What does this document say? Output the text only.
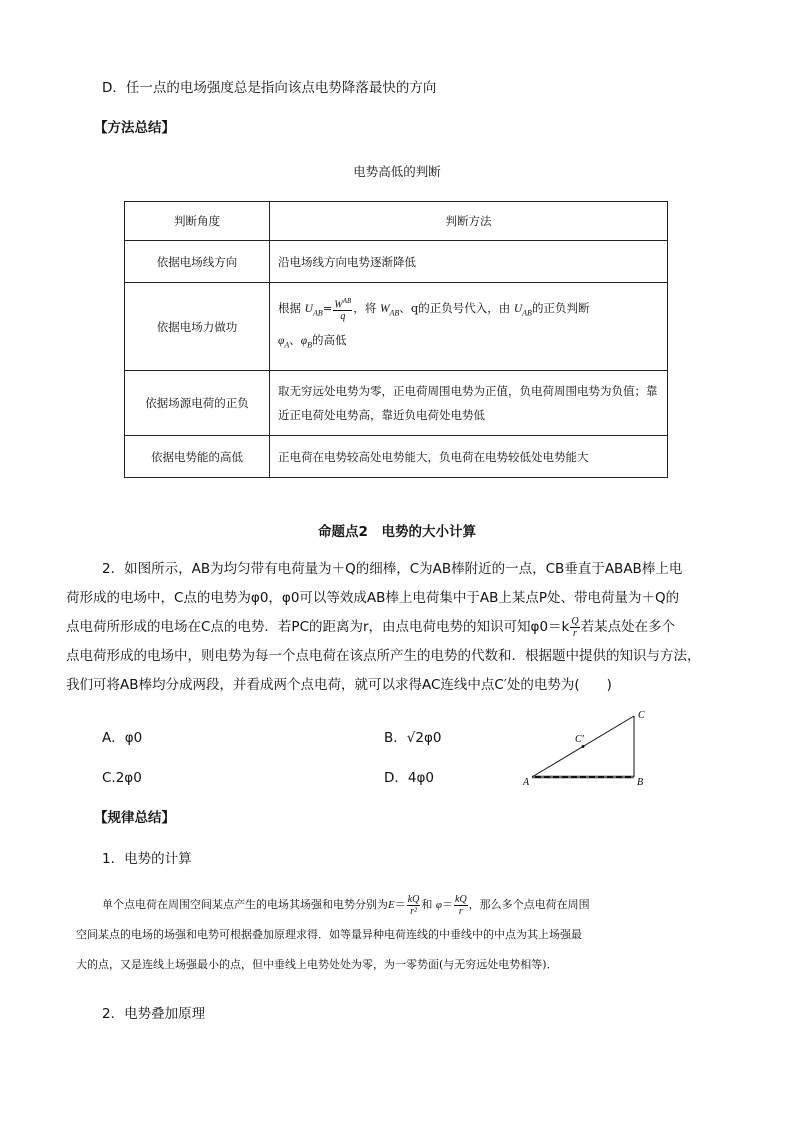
D．任一点的电场强度总是指向该点电势降落最快的方向
【方法总结】
电势高低的判断
判断角度	判断方法
依据电场线方向	沿电场线方向电势逐渐降低
依据电场力做功	根据 $U_{AB}= \frac{W^{AB}}{q}$ ，将 $W_{AB}$、q的正负号代入，由 $U_{AB}$的正负判断
$\varphi_A$、$\varphi_B$的高低
依据场源电荷的正负	取无穷远处电势为零，正电荷周围电势为正值，负电荷周围电势为负值；靠近正电荷处电势高，靠近负电荷处电势低
依据电势能的高低	正电荷在电势较高处电势能大，负电荷在电势较低处电势能大
命题点2　电势的大小计算
2．如图所示，AB为均匀带有电荷量为＋Q的细棒，C为AB棒附近的一点，CB垂直于ABAB棒上电
荷形成的电场中，C点的电势为φ0，φ0可以等效成AB棒上电荷集中于AB上某点P处、带电荷量为＋Q的
点电荷所形成的电场在C点的电势．若PC的距离为r，由点电荷电势的知识可知$\varphi 0=k \frac{Q}{r}$ 若某点处在多个
点电荷形成的电场中，则电势为每一个点电荷在该点所产生的电势的代数和．根据题中提供的知识与方法，
我们可将AB棒均分成两段，并看成两个点电荷，就可以求得AC连线中点C′处的电势为(　　)
A．φ0	B．√2φ0
C.2φ0	D．4φ0	A	B
C
C′
【规律总结】
1．电势的计算
单个点电荷在周围空间某点产生的电场其场强和电势分别为$E= \frac{kQ}{\text{r²}}$ 和 $\varphi= \frac{kQ}{r}$ ，那么多个点电荷在周围
空间某点的电场的场强和电势可根据叠加原理求得．如等量异种电荷连线的中垂线中的中点为其上场强最
大的点，又是连线上场强最小的点，但中垂线上电势处处为零，为一零势面(与无穷远处电势相等)．
2．电势叠加原理
